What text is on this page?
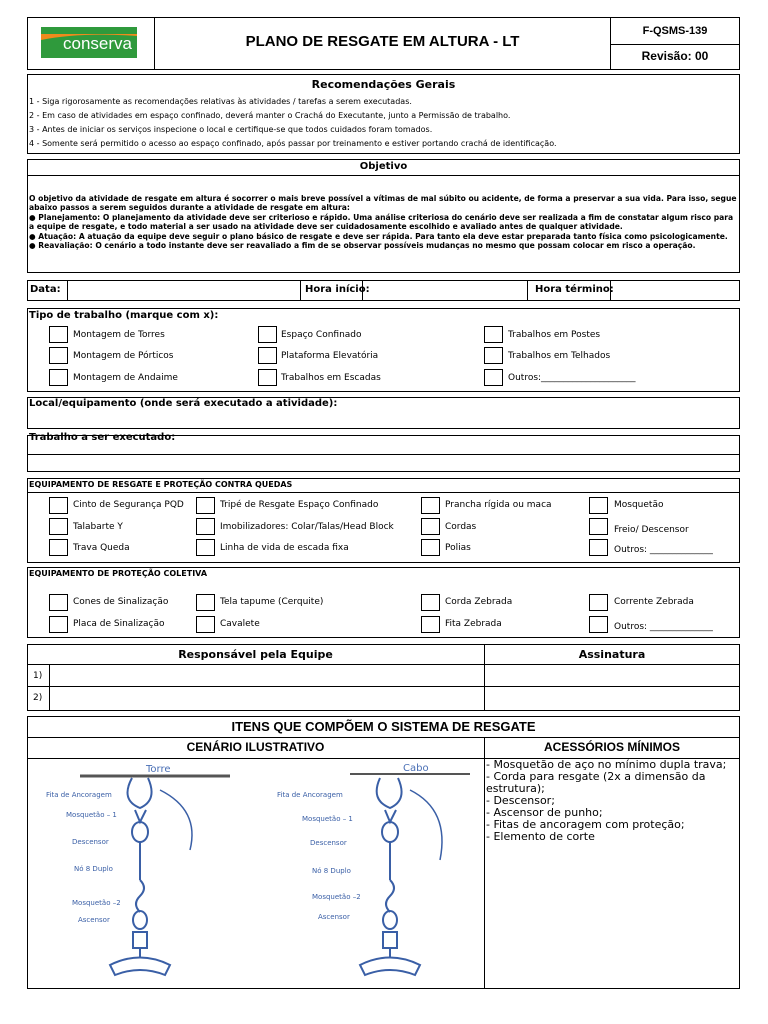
conserva	PLANO DE RESGATE EM ALTURA - LT
F-QSMS-139
Revisão: 00
Recomendações Gerais
1 - Siga rigorosamente as recomendações relativas às atividades / tarefas a serem executadas.
2 - Em caso de atividades em espaço confinado, deverá manter o Crachá do Executante, junto a Permissão de trabalho.
3 - Antes de iniciar os serviços inspecione o local e certifique-se que todos cuidados foram tomados.
4 - Somente será permitido o acesso ao espaço confinado, após passar por treinamento e estiver portando crachá de identificação.
Objetivo
O objetivo da atividade de resgate em altura é socorrer o mais breve possível a vítimas de mal súbito ou acidente, de forma a preservar a sua vida. Para isso, segue abaixo passos a serem seguidos durante a atividade de resgate em altura:
● Planejamento: O planejamento da atividade deve ser criterioso e rápido. Uma análise criteriosa do cenário deve ser realizada a fim de constatar algum risco para a equipe de resgate, e todo material a ser usado na atividade deve ser cuidadosamente escolhido e avaliado antes de qualquer atividade.
● Atuação: A atuação da equipe deve seguir o plano básico de resgate e deve ser rápida. Para tanto ela deve estar preparada tanto física como psicologicamente.
● Reavaliação: O cenário a todo instante deve ser reavaliado a fim de se observar possíveis mudanças no mesmo que possam colocar em risco a operação.
Data:	Hora início:	Hora término:
Tipo de trabalho (marque com x):
Montagem de Torres
Montagem de Pórticos
Montagem de Andaime
Espaço Confinado
Plataforma Elevatória
Trabalhos em Escadas
Trabalhos em Postes
Trabalhos em Telhados
Outros:_____________________
Local/equipamento (onde será executado a atividade):
Trabalho a ser executado:
EQUIPAMENTO DE RESGATE E PROTEÇÃO CONTRA QUEDAS
Cinto de Segurança PQD
Talabarte Y
Trava Queda
Tripé de Resgate Espaço Confinado
Imobilizadores: Colar/Talas/Head Block
Linha de vida de escada fixa
Prancha rígida ou maca
Cordas
Polias
Mosquetão
Freio/ Descensor
Outros: ______________
EQUIPAMENTO DE PROTEÇÃO COLETIVA
Cones de Sinalização
Placa de Sinalização
Tela tapume (Cerquite)
Cavalete
Corda Zebrada
Fita Zebrada
Corrente Zebrada
Outros: ______________
Responsável pela Equipe	Assinatura
1)
2)
ITENS QUE COMPÕEM O SISTEMA DE RESGATE
CENÁRIO ILUSTRATIVO	ACESSÓRIOS MÍNIMOS
- Mosquetão de aço no mínimo dupla trava;
- Corda para resgate (2x a dimensão da estrutura);
- Descensor;
- Ascensor de punho;
- Fitas de ancoragem com proteção;
- Elemento de corte
Torre
Fita de Ancoragem
Mosquetão – 1
Descensor
Nó 8 Duplo
Mosquetão –2
Ascensor
Cabo
Fita de Ancoragem
Mosquetão – 1
Descensor
Nó 8 Duplo
Mosquetão –2
Ascensor
